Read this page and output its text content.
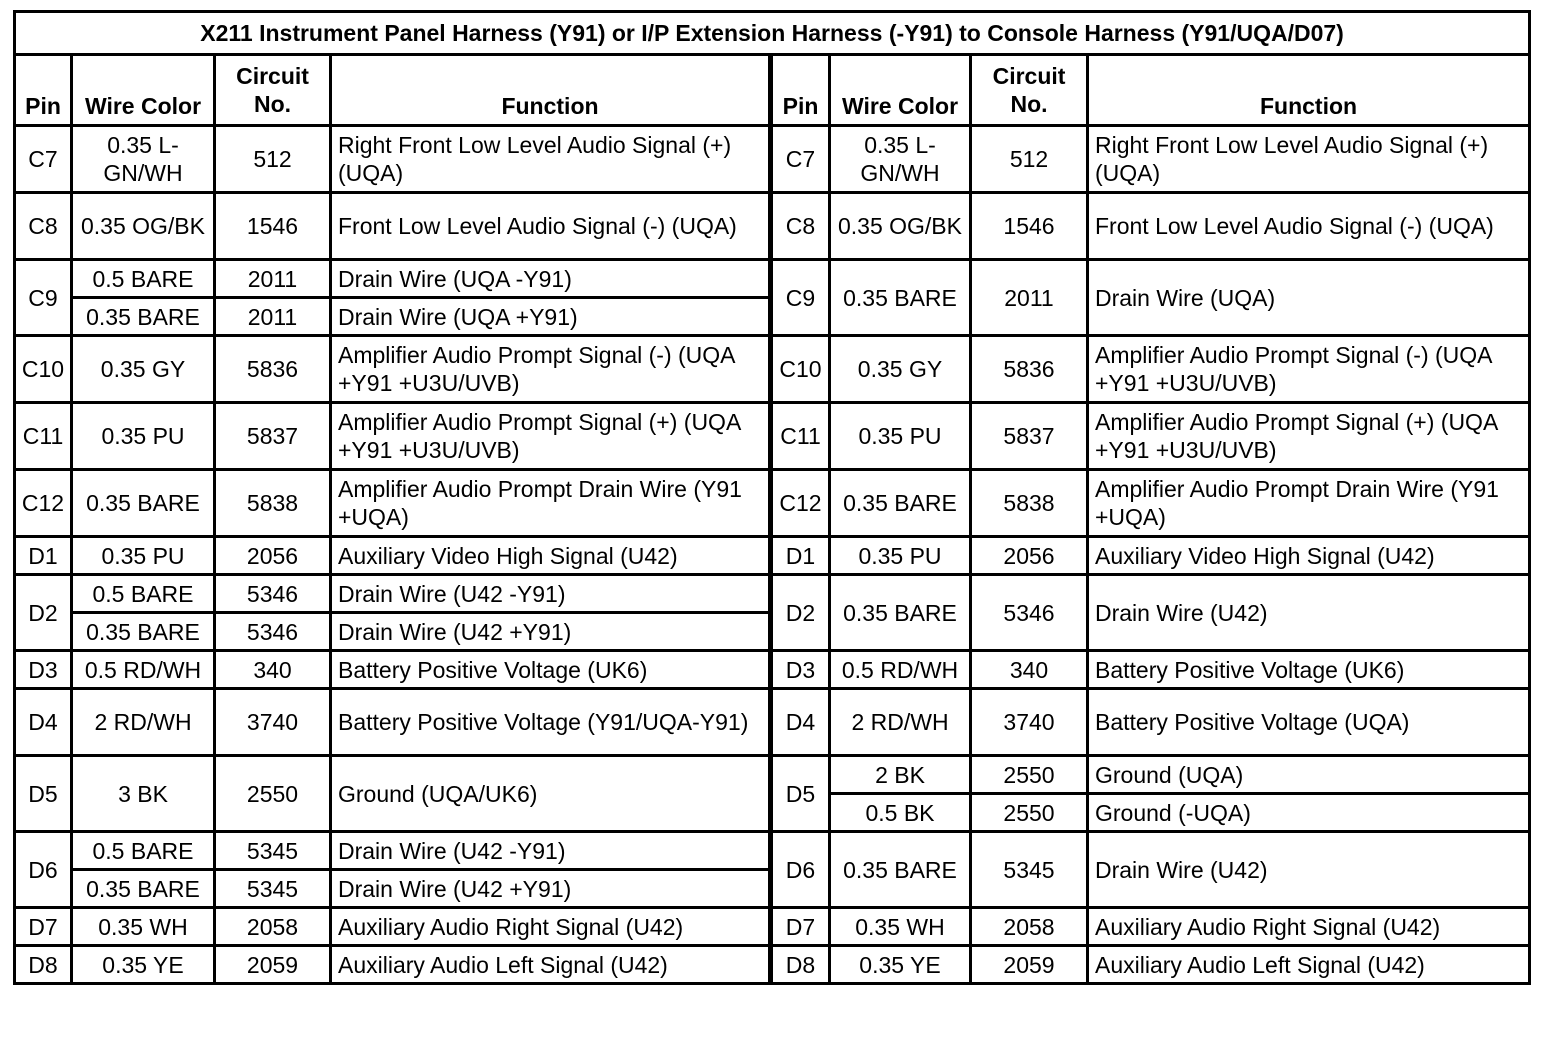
X211 Instrument Panel Harness (Y91) or I/P Extension Harness (-Y91) to Console Harness (Y91/UQA/D07)							
Pin	Wire Color	Circuit No.	Function	Pin	Wire Color	Circuit No.	Function
C7	0.35 L-GN/WH	512	Right Front Low Level Audio Signal (+) (UQA)	C7	0.35 L-GN/WH	512	Right Front Low Level Audio Signal (+) (UQA)
C8	0.35 OG/BK	1546	Front Low Level Audio Signal (-) (UQA)	C8	0.35 OG/BK	1546	Front Low Level Audio Signal (-) (UQA)
C9	0.5 BARE	2011	Drain Wire (UQA -Y91)	C9	0.35 BARE	2011	Drain Wire (UQA)
	0.35 BARE	2011	Drain Wire (UQA +Y91)				
C10	0.35 GY	5836	Amplifier Audio Prompt Signal (-) (UQA +Y91 +U3U/UVB)	C10	0.35 GY	5836	Amplifier Audio Prompt Signal (-) (UQA +Y91 +U3U/UVB)
C11	0.35 PU	5837	Amplifier Audio Prompt Signal (+) (UQA +Y91 +U3U/UVB)	C11	0.35 PU	5837	Amplifier Audio Prompt Signal (+) (UQA +Y91 +U3U/UVB)
C12	0.35 BARE	5838	Amplifier Audio Prompt Drain Wire (Y91 +UQA)	C12	0.35 BARE	5838	Amplifier Audio Prompt Drain Wire (Y91 +UQA)
D1	0.35 PU	2056	Auxiliary Video High Signal (U42)	D1	0.35 PU	2056	Auxiliary Video High Signal (U42)
D2	0.5 BARE	5346	Drain Wire (U42 -Y91)	D2	0.35 BARE	5346	Drain Wire (U42)
	0.35 BARE	5346	Drain Wire (U42 +Y91)				
D3	0.5 RD/WH	340	Battery Positive Voltage (UK6)	D3	0.5 RD/WH	340	Battery Positive Voltage (UK6)
D4	2 RD/WH	3740	Battery Positive Voltage (Y91/UQA-Y91)	D4	2 RD/WH	3740	Battery Positive Voltage (UQA)
D5	3 BK	2550	Ground (UQA/UK6)	D5	2 BK	2550	Ground (UQA)
					0.5 BK	2550	Ground (-UQA)
D6	0.5 BARE	5345	Drain Wire (U42 -Y91)	D6	0.35 BARE	5345	Drain Wire (U42)
	0.35 BARE	5345	Drain Wire (U42 +Y91)				
D7	0.35 WH	2058	Auxiliary Audio Right Signal (U42)	D7	0.35 WH	2058	Auxiliary Audio Right Signal (U42)
D8	0.35 YE	2059	Auxiliary Audio Left Signal (U42)	D8	0.35 YE	2059	Auxiliary Audio Left Signal (U42)
